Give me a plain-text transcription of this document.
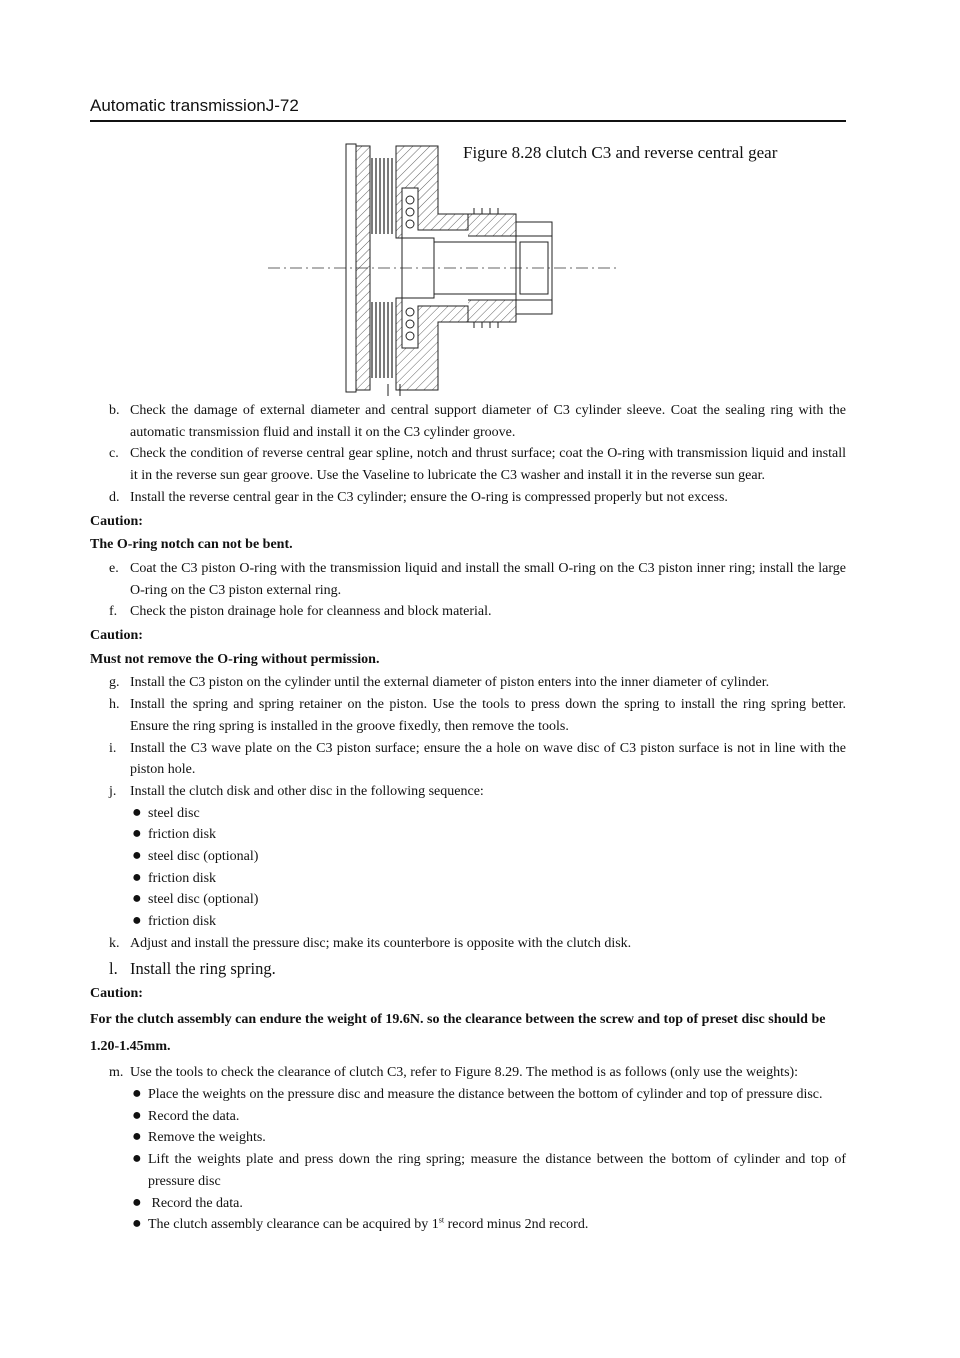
Automatic transmissionJ-72
Figure 8.28 clutch C3 and reverse central gear

b. Check the damage of external diameter and central support diameter of C3 cylinder sleeve. Coat the sealing ring with the automatic transmission fluid and install it on the C3 cylinder groove.

c. Check the condition of reverse central gear spline, notch and thrust surface; coat the O-ring with transmission liquid and install it in the reverse sun gear groove. Use the Vaseline to lubricate the C3 washer and install it in the reverse sun gear.

d. Install the reverse central gear in the C3 cylinder; ensure the O-ring is compressed properly but not excess.

Caution:
The O-ring notch can not be bent.

e. Coat the C3 piston O-ring with the transmission liquid and install the small O-ring on the C3 piston inner ring; install the large O-ring on the C3 piston external ring.

f. Check the piston drainage hole for cleanness and block material.

Caution:
Must not remove the O-ring without permission.

g. Install the C3 piston on the cylinder until the external diameter of piston enters into the inner diameter of cylinder.

h. Install the spring and spring retainer on the piston. Use the tools to press down the spring to install the ring spring better. Ensure the ring spring is installed in the groove fixedly, then remove the tools.

i. Install the C3 wave plate on the C3 piston surface; ensure the a hole on wave disc of C3 piston surface is not in line with the piston hole.

j. Install the clutch disk and other disc in the following sequence:

● steel disc

● friction disk

● steel disc (optional)

● friction disk

● steel disc (optional)

● friction disk

k. Adjust and install the pressure disc; make its counterbore is opposite with the clutch disk.

l. Install the ring spring.

Caution:
For the clutch assembly can endure the weight of 19.6N. so the clearance between the screw and top of preset disc should be 1.20-1.45mm.

m. Use the tools to check the clearance of clutch C3, refer to Figure 8.29. The method is as follows (only use the weights):

● Place the weights on the pressure disc and measure the distance between the bottom of cylinder and top of pressure disc.

● Record the data.

● Remove the weights.

● Lift the weights plate and press down the ring spring; measure the distance between the bottom of cylinder and top of pressure disc

● Record the data.

● The clutch assembly clearance can be acquired by 1st record minus 2nd record.
